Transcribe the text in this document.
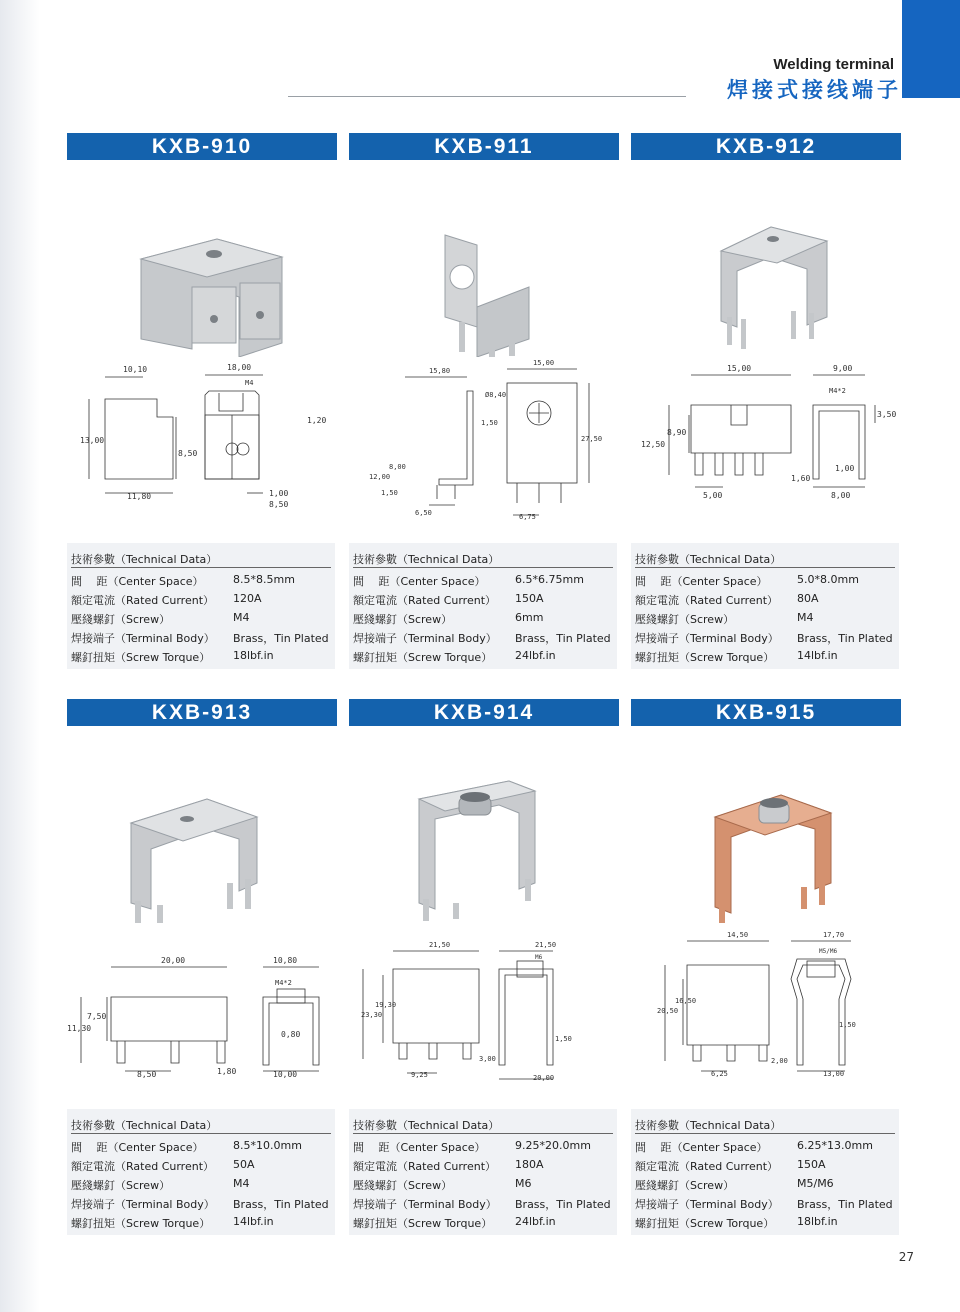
Welding terminal
焊接式接线端子
KXB-910
10,10	18,00
M4
1,20
13,00
8,50
11,80	1,00
8,50
技術參數（Technical Data）
間　 距（Center Space）	8.5*8.5mm
額定電流（Rated Current） 120A
壓綫螺釘（Screw）	M4
焊接端子（Terminal Body） Brass，Tin Plated
螺釘扭矩（Screw Torque） 18lbf.in
KXB-911
15,80
15,00
Ø8,40
1,50
27,50
8,00
12,00
1,50
6,50	6,75
技術參數（Technical Data）
間　 距（Center Space）	6.5*6.75mm
額定電流（Rated Current） 150A
壓綫螺釘（Screw）	6mm
焊接端子（Terminal Body） Brass，Tin Plated
螺釘扭矩（Screw Torque） 24lbf.in
KXB-912
15,00	9,00
M4*2
3,50
8,90
12,50
1,00
1,60
5,00	8,00
技術參數（Technical Data）
間　 距（Center Space）	5.0*8.0mm
額定電流（Rated Current） 80A
壓綫螺釘（Screw）	M4
焊接端子（Terminal Body） Brass，Tin Plated
螺釘扭矩（Screw Torque） 14lbf.in
KXB-913
20,00	10,80
M4*2
7,50
11,30
0,80
8,50	1,80	10,00
技術參數（Technical Data）
間　 距（Center Space）	8.5*10.0mm
額定電流（Rated Current） 50A
壓綫螺釘（Screw）	M4
焊接端子（Terminal Body） Brass，Tin Plated
螺釘扭矩（Screw Torque） 14lbf.in
KXB-914
21,50	21,50
M6
19,30
23,30
1,50
3,00
9,25	20,00
技術參數（Technical Data）
間　 距（Center Space）	9.25*20.0mm
額定電流（Rated Current） 180A
壓綫螺釘（Screw）	M6
焊接端子（Terminal Body） Brass，Tin Plated
螺釘扭矩（Screw Torque） 24lbf.in
KXB-915
14,50	17,70
M5/M6
16,50
20,50
1,50
2,00
6,25	13,00
技術參數（Technical Data）
間　 距（Center Space）	6.25*13.0mm
額定電流（Rated Current） 150A
壓綫螺釘（Screw）	M5/M6
焊接端子（Terminal Body） Brass，Tin Plated
螺釘扭矩（Screw Torque） 18lbf.in
27
